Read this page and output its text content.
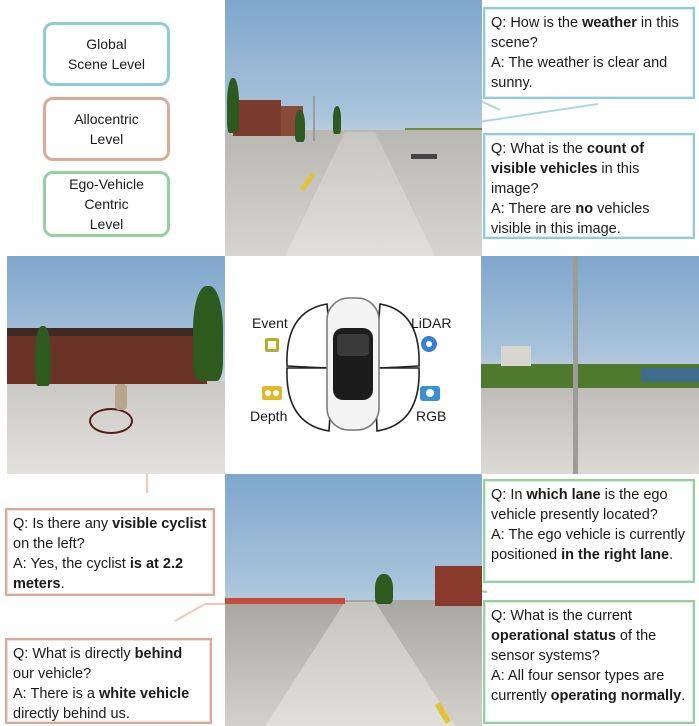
Global
Scene Level
Allocentric
Level
Ego-Vehicle
Centric
Level
Event	LiDAR
Depth	RGB
Q: How is the weather in this scene?
A: The weather is clear and sunny.
Q: What is the count of visible vehicles in this image?
A: There are no vehicles visible in this image.
Q: Is there any visible cyclist on the left?
A: Yes, the cyclist is at 2.2 meters.
Q: What is directly behind our vehicle?
A: There is a white vehicle directly behind us.
Q: In which lane is the ego vehicle presently located?
A: The ego vehicle is currently positioned in the right lane.
Q: What is the current operational status of the sensor systems?
A: All four sensor types are currently operating normally.
